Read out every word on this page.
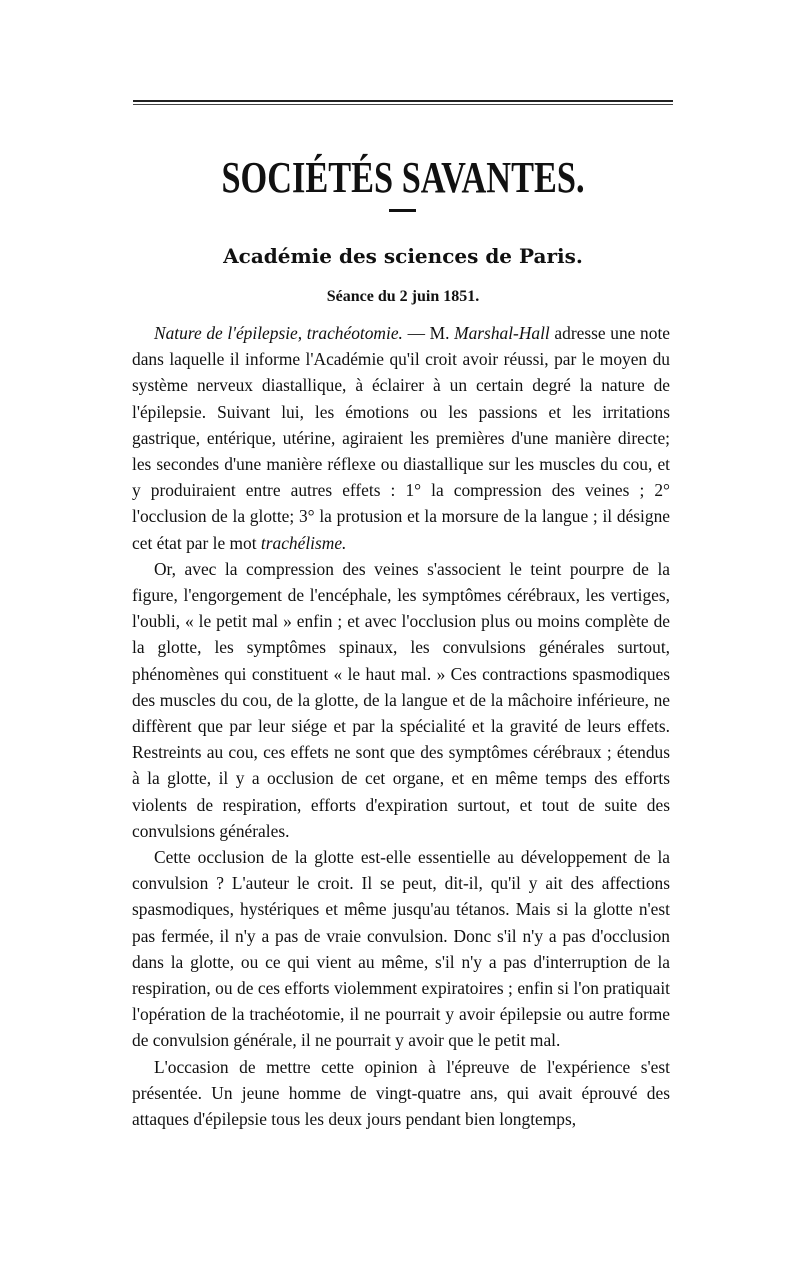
SOCIÉTÉS SAVANTES.
Académie des sciences de Paris.
Séance du 2 juin 1851.

Nature de l'épilepsie, trachéotomie. — M. Marshal-Hall adresse une note dans laquelle il informe l'Académie qu'il croit avoir réussi, par le moyen du système nerveux diastallique, à éclairer à un certain degré la nature de l'épilepsie. Suivant lui, les émotions ou les passions et les irritations gastrique, entérique, utérine, agiraient les premières d'une manière directe; les secondes d'une manière réflexe ou diastallique sur les muscles du cou, et y produiraient entre autres effets : 1° la compression des veines ; 2° l'occlusion de la glotte; 3° la protusion et la morsure de la langue ; il désigne cet état par le mot trachélisme.

Or, avec la compression des veines s'associent le teint pourpre de la figure, l'engorgement de l'encéphale, les symptômes cérébraux, les vertiges, l'oubli, « le petit mal » enfin ; et avec l'occlusion plus ou moins complète de la glotte, les symptômes spinaux, les convulsions générales surtout, phénomènes qui constituent « le haut mal. » Ces contractions spasmodiques des muscles du cou, de la glotte, de la langue et de la mâchoire inférieure, ne diffèrent que par leur siége et par la spécialité et la gravité de leurs effets. Restreints au cou, ces effets ne sont que des symptômes cérébraux ; étendus à la glotte, il y a occlusion de cet organe, et en même temps des efforts violents de respiration, efforts d'expiration surtout, et tout de suite des convulsions générales.

Cette occlusion de la glotte est-elle essentielle au développement de la convulsion ? L'auteur le croit. Il se peut, dit-il, qu'il y ait des affections spasmodiques, hystériques et même jusqu'au tétanos. Mais si la glotte n'est pas fermée, il n'y a pas de vraie convulsion. Donc s'il n'y a pas d'occlusion dans la glotte, ou ce qui vient au même, s'il n'y a pas d'interruption de la respiration, ou de ces efforts violemment expiratoires ; enfin si l'on pratiquait l'opération de la trachéotomie, il ne pourrait y avoir épilepsie ou autre forme de convulsion générale, il ne pourrait y avoir que le petit mal.

L'occasion de mettre cette opinion à l'épreuve de l'expérience s'est présentée. Un jeune homme de vingt-quatre ans, qui avait éprouvé des attaques d'épilepsie tous les deux jours pendant bien longtemps,
